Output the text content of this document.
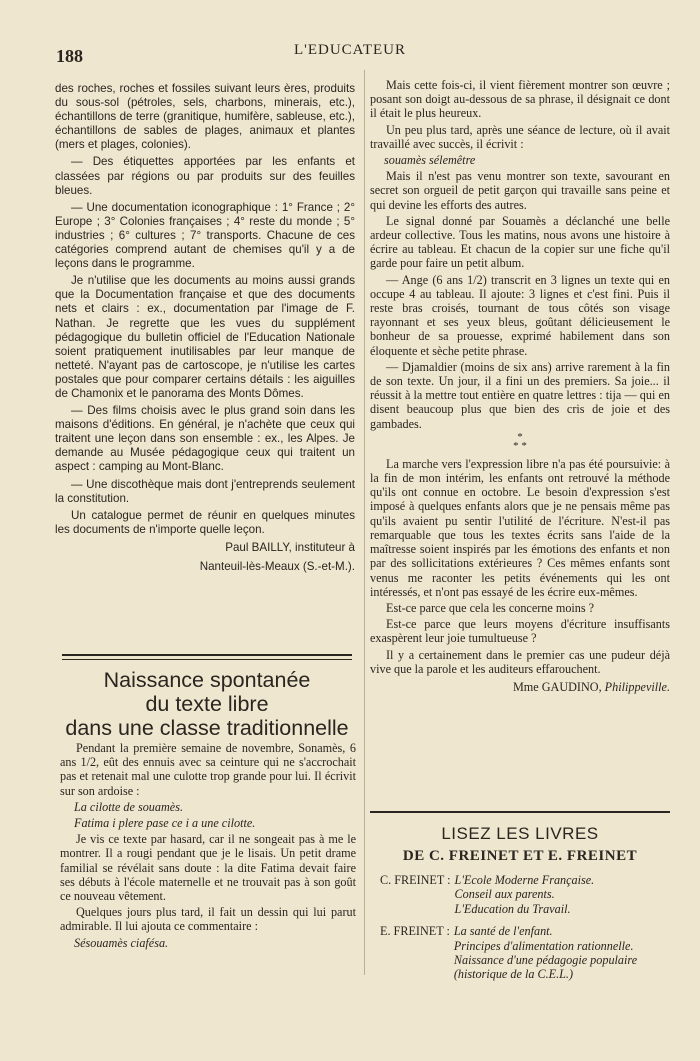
188	L'EDUCATEUR

des roches, roches et fossiles suivant leurs ères, produits du sous-sol (pétroles, sels, charbons, minerais, etc.), échantillons de terre (granitique, humifère, sableuse, etc.), échantillons de sables de plages, animaux et plantes (mers et plages, colonies).

— Des étiquettes apportées par les enfants et classées par régions ou par produits sur des feuilles bleues.

— Une documentation iconographique : 1° France ; 2° Europe ; 3° Colonies françaises ; 4° reste du monde ; 5° industries ; 6° cultures ; 7° transports. Chacune de ces catégories comprend autant de chemises qu'il y a de leçons dans le programme.

Je n'utilise que les documents au moins aussi grands que la Documentation française et que des documents nets et clairs : ex., documentation par l'image de F. Nathan. Je regrette que les vues du supplément pédagogique du bulletin officiel de l'Education Nationale soient pratiquement inutilisables par leur manque de netteté. N'ayant pas de cartoscope, je n'utilise les cartes postales que pour comparer certains détails : les aiguilles de Chamonix et le panorama des Monts Dômes.

— Des films choisis avec le plus grand soin dans les maisons d'éditions. En général, je n'achète que ceux qui traitent une leçon dans son ensemble : ex., les Alpes. Je demande au Musée pédagogique ceux qui traitent un aspect : camping au Mont-Blanc.

— Une discothèque mais dont j'entreprends seulement la constitution.

Un catalogue permet de réunir en quelques minutes les documents de n'importe quelle leçon.

Paul BAILLY, instituteur à
Nanteuil-lès-Meaux (S.-et-M.).
Naissance spontanée
du texte libre
dans une classe traditionnelle

Pendant la première semaine de novembre, Sonamès, 6 ans 1/2, eût des ennuis avec sa ceinture qui ne s'accrochait pas et retenait mal une culotte trop grande pour lui. Il écrivit sur son ardoise :

La cilotte de souamès.

Fatima i plere pase ce i a une cilotte.

Je vis ce texte par hasard, car il ne songeait pas à me le montrer. Il a rougi pendant que je le lisais. Un petit drame familial se révélait sans doute : la dite Fatima devait faire ses débuts à l'école maternelle et ne trouvait pas à son goût ce nouveau vêtement.

Quelques jours plus tard, il fait un dessin qui lui parut admirable. Il lui ajouta ce commentaire :

Sésouamès ciafésa.

Mais cette fois-ci, il vient fièrement montrer son œuvre ; posant son doigt au-dessous de sa phrase, il désignait ce dont il était le plus heureux.

Un peu plus tard, après une séance de lecture, où il avait travaillé avec succès, il écrivit :

souamès sélemêtre

Mais il n'est pas venu montrer son texte, savourant en secret son orgueil de petit garçon qui travaille sans peine et qui devine les efforts des autres.

Le signal donné par Souamès a déclanché une belle ardeur collective. Tous les matins, nous avons une histoire à écrire au tableau. Et chacun de la copier sur une fiche qu'il garde pour faire un petit album.

— Ange (6 ans 1/2) transcrit en 3 lignes un texte qui en occupe 4 au tableau. Il ajoute: 3 lignes et c'est fini. Puis il reste bras croisés, tournant de tous côtés son visage rayonnant et ses yeux bleus, goûtant délicieusement le bonheur de sa prouesse, exprimé habilement dans son éloquente et sèche petite phrase.

— Djamaldier (moins de six ans) arrive rarement à la fin de son texte. Un jour, il a fini un des premiers. Sa joie... il réussit à la mettre tout entière en quatre lettres : tija — qui en disent beaucoup plus que bien des cris de joie et des gambades.

*
* *

La marche vers l'expression libre n'a pas été poursuivie: à la fin de mon intérim, les enfants ont retrouvé la méthode qu'ils ont connue en octobre. Le besoin d'expression s'est imposé à quelques enfants alors que je ne pensais même pas qu'ils avaient pu sentir l'utilité de l'écriture. N'est-il pas remarquable que tous les textes écrits sans l'aide de la maîtresse soient inspirés par les émotions des enfants et non par des sollicitations extérieures ? Ces mêmes enfants sont venus me raconter les petits événements qui les ont intéressés, et n'ont pas essayé de les écrire eux-mêmes.

Est-ce parce que cela les concerne moins ?

Est-ce parce que leurs moyens d'écriture insuffisants exaspèrent leur joie tumultueuse ?

Il y a certainement dans le premier cas une pudeur déjà vive que la parole et les auditeurs effarouchent.

Mme GAUDINO, Philippeville.

LISEZ LES LIVRES
DE C. FREINET ET E. FREINET
C. FREINET : L'Ecole Moderne Française.
Conseil aux parents.
L'Education du Travail.
E. FREINET : La santé de l'enfant.
Principes d'alimentation rationnelle.
Naissance d'une pédagogie populaire
(historique de la C.E.L.)
